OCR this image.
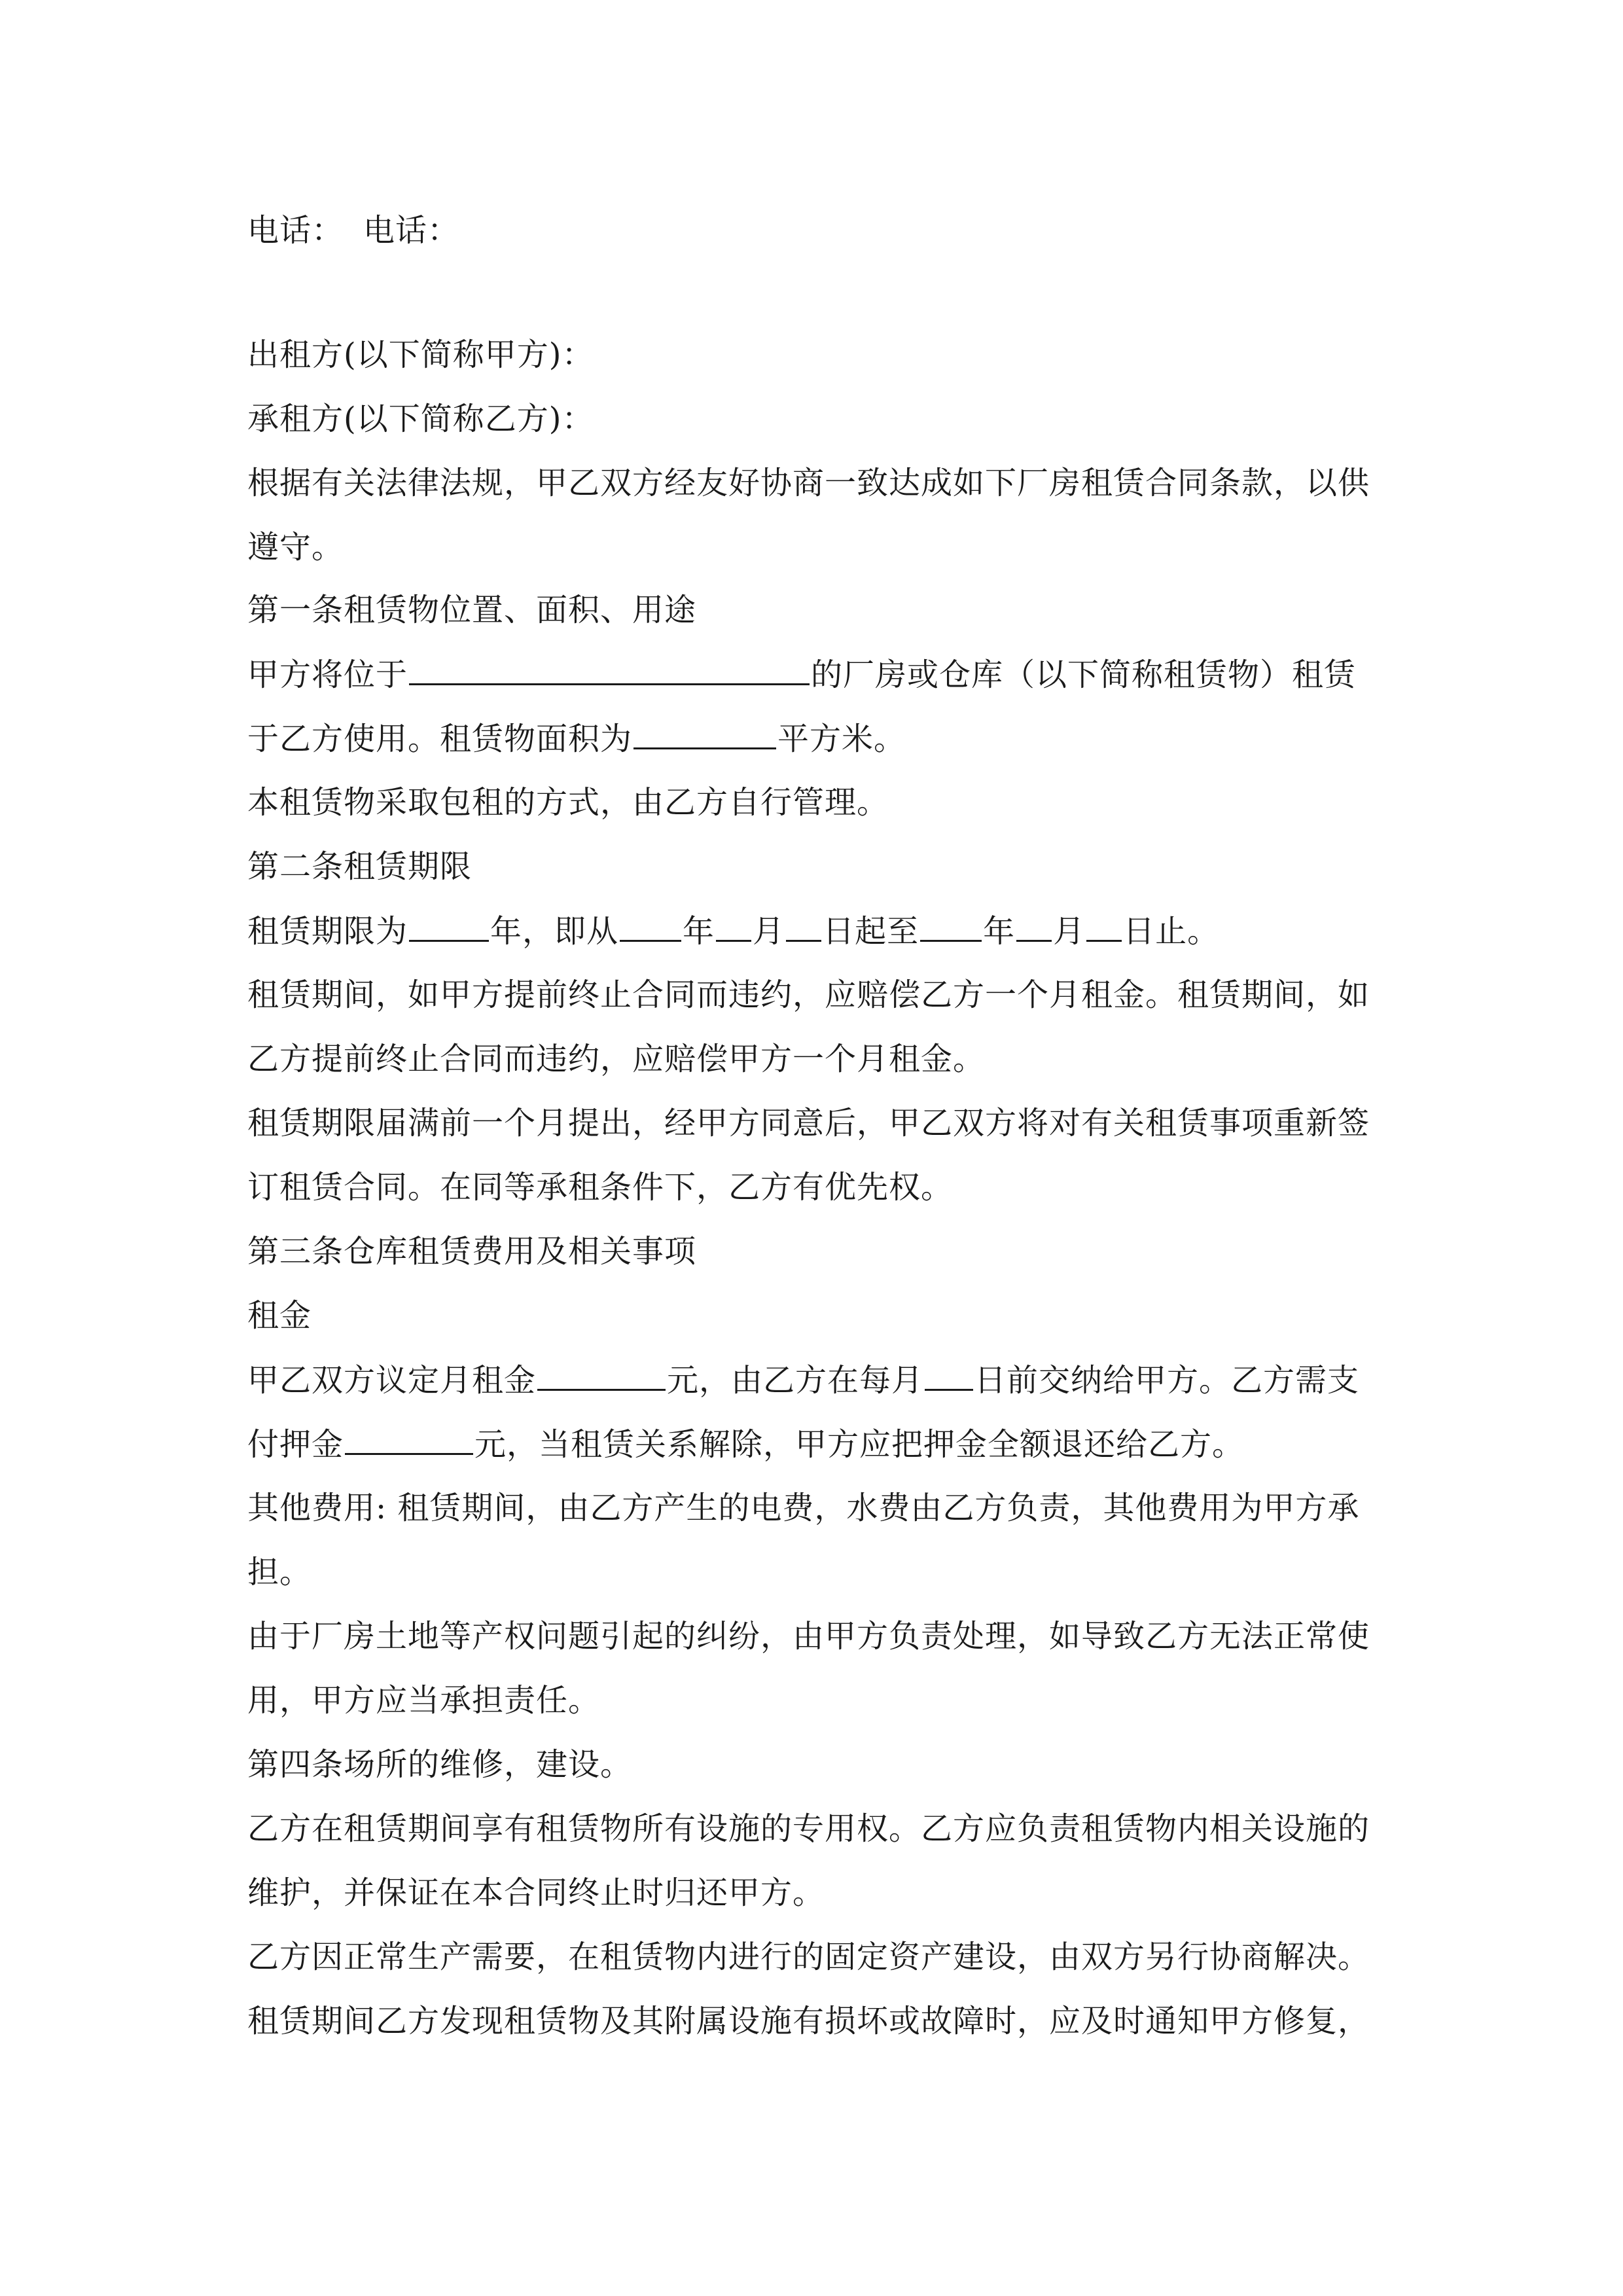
电话： 电话：
出租方(以下简称甲方)：
承租方(以下简称乙方)：
根据有关法律法规，甲乙双方经友好协商一致达成如下厂房租赁合同条款，以供
遵守。
第一条租赁物位置、面积、用途
甲方将位于	的厂房或仓库（以下简称租赁物）租赁
于乙方使用。租赁物面积为	平方米。
本租赁物采取包租的方式，由乙方自行管理。
第二条租赁期限
租赁期限为	年，即从 年 月 日起至 年 月 日止。
租赁期间，如甲方提前终止合同而违约，应赔偿乙方一个月租金。租赁期间，如
乙方提前终止合同而违约，应赔偿甲方一个月租金。
租赁期限届满前一个月提出，经甲方同意后，甲乙双方将对有关租赁事项重新签
订租赁合同。在同等承租条件下，乙方有优先权。
第三条仓库租赁费用及相关事项
租金
甲乙双方议定月租金	元，由乙方在每月 日前交纳给甲方。乙方需支
付押金	元，当租赁关系解除，甲方应把押金全额退还给乙方。
其他费用: 租赁期间，由乙方产生的电费，水费由乙方负责，其他费用为甲方承
担。
由于厂房土地等产权问题引起的纠纷，由甲方负责处理，如导致乙方无法正常使
用，甲方应当承担责任。
第四条场所的维修，建设。
乙方在租赁期间享有租赁物所有设施的专用权。乙方应负责租赁物内相关设施的
维护，并保证在本合同终止时归还甲方。
乙方因正常生产需要，在租赁物内进行的固定资产建设，由双方另行协商解决。
租赁期间乙方发现租赁物及其附属设施有损坏或故障时，应及时通知甲方修复，
